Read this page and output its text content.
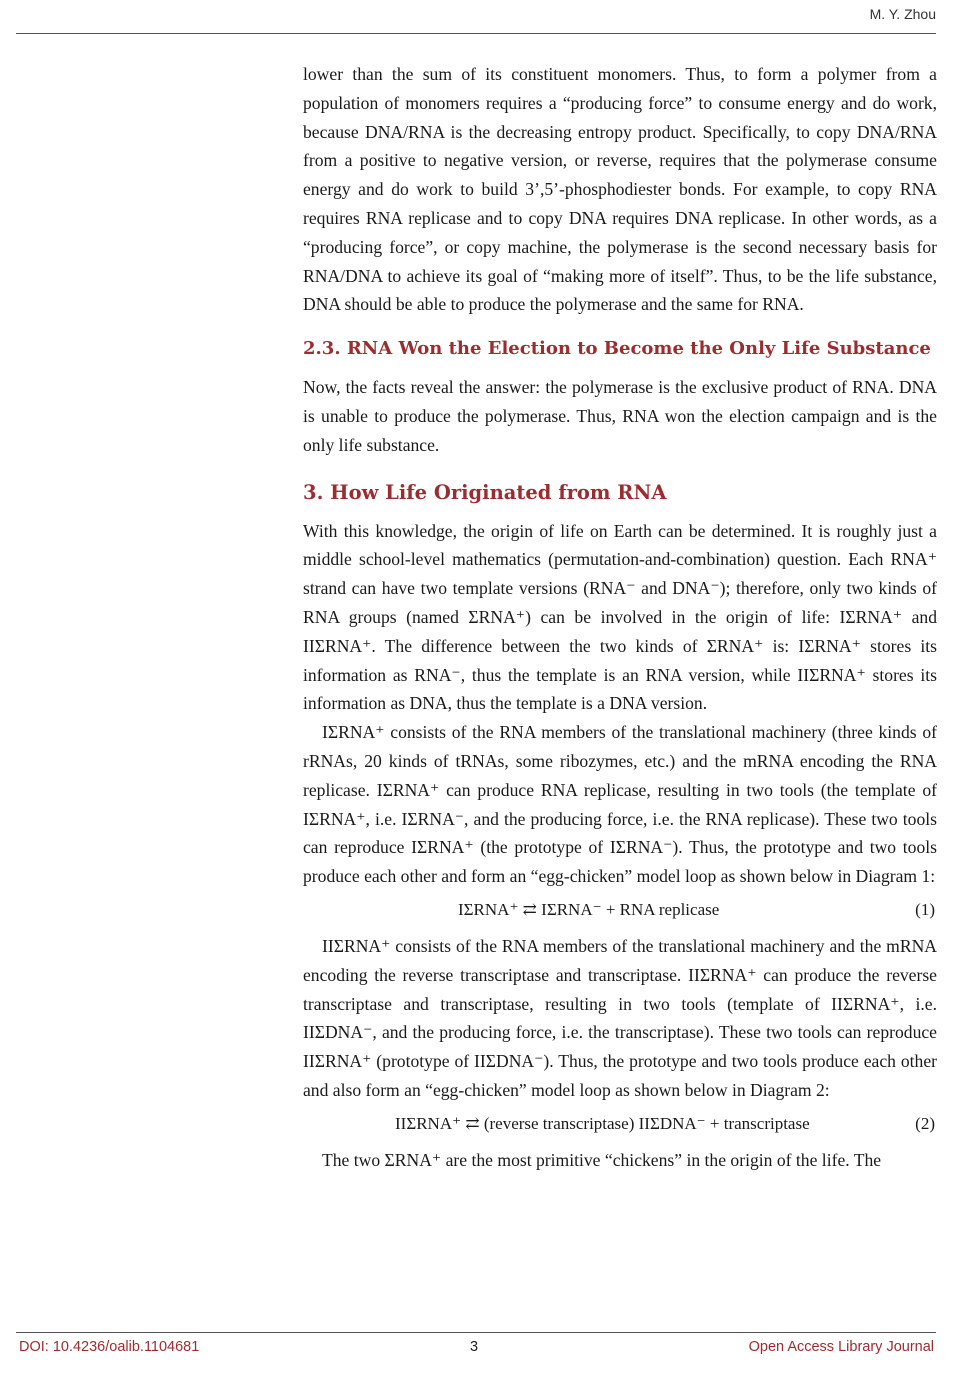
M. Y. Zhou

lower than the sum of its constituent monomers. Thus, to form a polymer from a population of monomers requires a “producing force” to consume energy and do work, because DNA/RNA is the decreasing entropy product. Specifically, to copy DNA/RNA from a positive to negative version, or reverse, requires that the polymerase consume energy and do work to build 3’,5’-phosphodiester bonds. For example, to copy RNA requires RNA replicase and to copy DNA requires DNA replicase. In other words, as a “producing force”, or copy machine, the polymerase is the second necessary basis for RNA/DNA to achieve its goal of “making more of itself”. Thus, to be the life substance, DNA should be able to produce the polymerase and the same for RNA.

2.3. RNA Won the Election to Become the Only Life Substance

Now, the facts reveal the answer: the polymerase is the exclusive product of RNA. DNA is unable to produce the polymerase. Thus, RNA won the election campaign and is the only life substance.

3. How Life Originated from RNA

With this knowledge, the origin of life on Earth can be determined. It is roughly just a middle school-level mathematics (permutation-and-combination) question. Each RNA⁺ strand can have two template versions (RNA⁻ and DNA⁻); therefore, only two kinds of RNA groups (named ΣRNA⁺) can be involved in the origin of life: IΣRNA⁺ and IIΣRNA⁺. The difference between the two kinds of ΣRNA⁺ is: IΣRNA⁺ stores its information as RNA⁻, thus the template is an RNA version, while IIΣRNA⁺ stores its information as DNA, thus the template is a DNA version.

IΣRNA⁺ consists of the RNA members of the translational machinery (three kinds of rRNAs, 20 kinds of tRNAs, some ribozymes, etc.) and the mRNA encoding the RNA replicase. IΣRNA⁺ can produce RNA replicase, resulting in two tools (the template of IΣRNA⁺, i.e. IΣRNA⁻, and the producing force, i.e. the RNA replicase). These two tools can reproduce IΣRNA⁺ (the prototype of IΣRNA⁻). Thus, the prototype and two tools produce each other and form an “egg-chicken” model loop as shown below in Diagram 1:

IΣRNA⁺ ⇄ IΣRNA⁻ + RNA replicase	(1)

IIΣRNA⁺ consists of the RNA members of the translational machinery and the mRNA encoding the reverse transcriptase and transcriptase. IIΣRNA⁺ can produce the reverse transcriptase and transcriptase, resulting in two tools (template of IIΣRNA⁺, i.e. IIΣDNA⁻, and the producing force, i.e. the transcriptase). These two tools can reproduce IIΣRNA⁺ (prototype of IIΣDNA⁻). Thus, the prototype and two tools produce each other and also form an “egg-chicken” model loop as shown below in Diagram 2:

IIΣRNA⁺ ⇄ (reverse transcriptase) IIΣDNA⁻ + transcriptase	(2)

The two ΣRNA⁺ are the most primitive “chickens” in the origin of the life. The

DOI: 10.4236/oalib.1104681	3	Open Access Library Journal
